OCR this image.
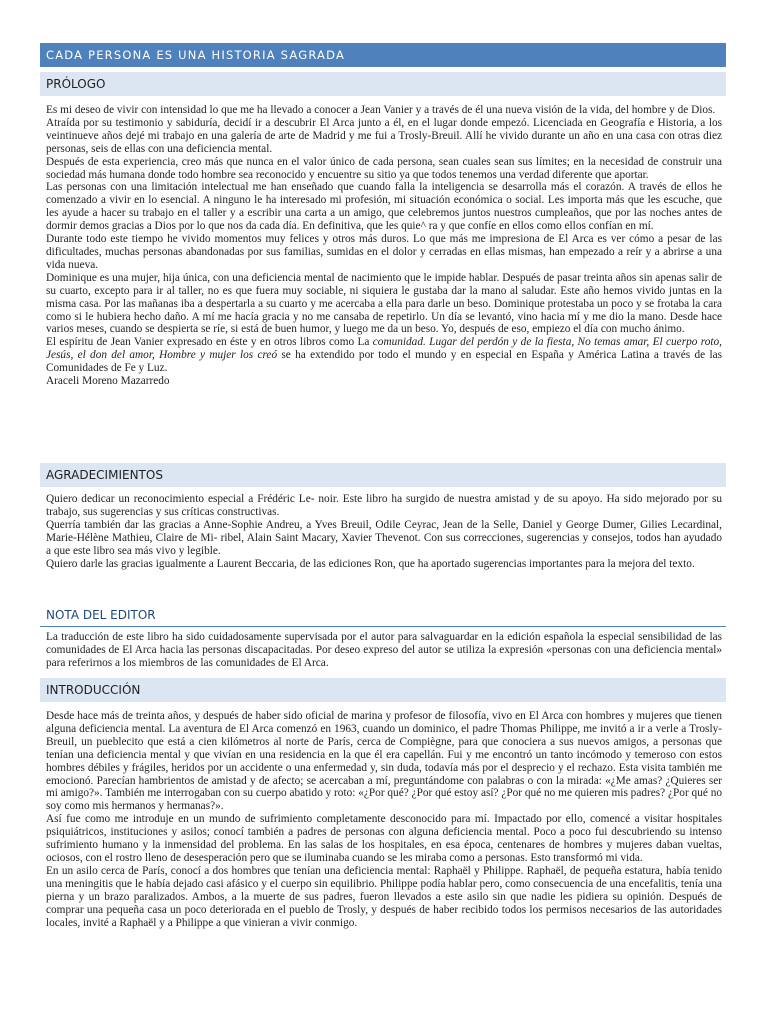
CADA PERSONA ES UNA HISTORIA SAGRADA
PRÓLOGO

Es mi deseo de vivir con intensidad lo que me ha llevado a conocer a Jean Vanier y a través de él una nueva visión de la vida, del hombre y de Dios.

Atraída por su testimonio y sabiduría, decidí ir a descubrir El Arca junto a él, en el lugar donde empezó. Licenciada en Geografía e Historia, a los veintinueve años dejé mi trabajo en una galería de arte de Madrid y me fui a Trosly-Breuil. Allí he vivido durante un año en una casa con otras diez personas, seis de ellas con una deficiencia mental.

Después de esta experiencia, creo más que nunca en el valor único de cada persona, sean cuales sean sus límites; en la necesidad de construir una sociedad más humana donde todo hombre sea reconocido y encuentre su sitio ya que todos tenemos una verdad diferente que aportar.

Las personas con una limitación intelectual me han enseñado que cuando falla la inteligencia se desarrolla más el corazón. A través de ellos he comenzado a vivir en lo esencial. A ninguno le ha interesado mi profesión, mi situación económica o social. Les importa más que les escuche, que les ayude a hacer su trabajo en el taller y a escribir una carta a un amigo, que celebremos juntos nuestros cumpleaños, que por las noches antes de dormir demos gracias a Dios por lo que nos da cada día. En definitiva, que les quie^ ra y que confíe en ellos como ellos confían en mí.

Durante todo este tiempo he vivido momentos muy felices y otros más duros. Lo que más me impresiona de El Arca es ver cómo a pesar de las dificultades, muchas personas abandonadas por sus familias, sumidas en el dolor y cerradas en ellas mismas, han empezado a reír y a abrirse a una vida nueva.

Dominique es una mujer, hija única, con una deficiencia mental de nacimiento que le impide hablar. Después de pasar treinta años sin apenas salir de su cuarto, excepto para ir al taller, no es que fuera muy sociable, ni siquiera le gustaba dar la mano al saludar. Este año hemos vivido juntas en la misma casa. Por las mañanas iba a despertarla a su cuarto y me acercaba a ella para darle un beso. Dominique protestaba un poco y se frotaba la cara como si le hubiera hecho daño. A mí me hacía gracia y no me cansaba de repetirlo. Un día se levantó, vino hacia mí y me dio la mano. Desde hace varios meses, cuando se despierta se ríe, si está de buen humor, y luego me da un beso. Yo, después de eso, empiezo el día con mucho ánimo.

El espíritu de Jean Vanier expresado en éste y en otros libros como La comunidad. Lugar del perdón y de la fiesta, No temas amar, El cuerpo roto, Jesús, el don del amor, Hombre y mujer los creó se ha extendido por todo el mundo y en especial en España y América Latina a través de las Comunidades de Fe y Luz.

Araceli Moreno Mazarredo

AGRADECIMIENTOS

Quiero dedicar un reconocimiento especial a Frédéric Le- noir. Este libro ha surgido de nuestra amistad y de su apoyo. Ha sido mejorado por su trabajo, sus sugerencias y sus críticas constructivas.

Querría también dar las gracias a Anne-Sophie Andreu, a Yves Breuil, Odile Ceyrac, Jean de la Selle, Daniel y George Dumer, Gilies Lecardinal, Marie-Hélène Mathieu, Claire de Mi- ribel, Alain Saint Macary, Xavier Thevenot. Con sus correcciones, sugerencias y consejos, todos han ayudado a que este libro sea más vivo y legible.

Quiero darle las gracias igualmente a Laurent Beccaria, de las ediciones Ron, que ha aportado sugerencias importantes para la mejora del texto.

NOTA DEL EDITOR

La traducción de este libro ha sido cuidadosamente supervisada por el autor para salvaguardar en la edición española la especial sensibilidad de las comunidades de El Arca hacia las personas discapacitadas. Por deseo expreso del autor se utiliza la expresión «personas con una deficiencia mental» para referirnos a los miembros de las comunidades de El Arca.

INTRODUCCIÓN

Desde hace más de treinta años, y después de haber sido oficial de marina y profesor de filosofía, vivo en El Arca con hombres y mujeres que tienen alguna deficiencia mental. La aventura de El Arca comenzó en 1963, cuando un dominico, el padre Thomas Philippe, me invitó a ir a verle a Trosly- Breuil, un pueblecito que está a cien kilómetros al norte de París, cerca de Compiègne, para que conociera a sus nuevos amigos, a personas que tenían una deficiencia mental y que vivían en una residencia en la que él era capellán. Fui y me encontró un tanto incómodo y temeroso con estos hombres débiles y frágiles, heridos por un accidente o una enfermedad y, sin duda, todavía más por el desprecio y el rechazo. Esta visita también me emocionó. Parecían hambrientos de amistad y de afecto; se acercaban a mí, preguntándome con palabras o con la mirada: «¿Me amas? ¿Quieres ser mi amigo?». También me interrogaban con su cuerpo abatido y roto: «¿Por qué? ¿Por qué estoy así? ¿Por qué no me quieren mis padres? ¿Por qué no soy como mis hermanos y hermanas?».

Así fue como me introduje en un mundo de sufrimiento completamente desconocido para mí. Impactado por ello, comencé a visitar hospitales psiquiátricos, instituciones y asilos; conocí también a padres de personas con alguna deficiencia mental. Poco a poco fui descubriendo su intenso sufrimiento humano y la inmensidad del problema. En las salas de los hospitales, en esa época, centenares de hombres y mujeres daban vueltas, ociosos, con el rostro lleno de desesperación pero que se iluminaba cuando se les miraba como a personas. Esto transformó mi vida.

En un asilo cerca de París, conocí a dos hombres que tenían una deficiencia mental: Raphaël y Philippe. Raphaël, de pequeña estatura, había tenido una meningitis que le había dejado casi afásico y el cuerpo sin equilibrio. Philippe podía hablar pero, como consecuencia de una encefalitis, tenía una pierna y un brazo paralizados. Ambos, a la muerte de sus padres, fueron llevados a este asilo sin que nadie les pidiera su opinión. Después de comprar una pequeña casa un poco deteriorada en el pueblo de Trosly, y después de haber recibido todos los permisos necesarios de las autoridades locales, invité a Raphaël y a Philippe a que vinieran a vivir conmigo.
